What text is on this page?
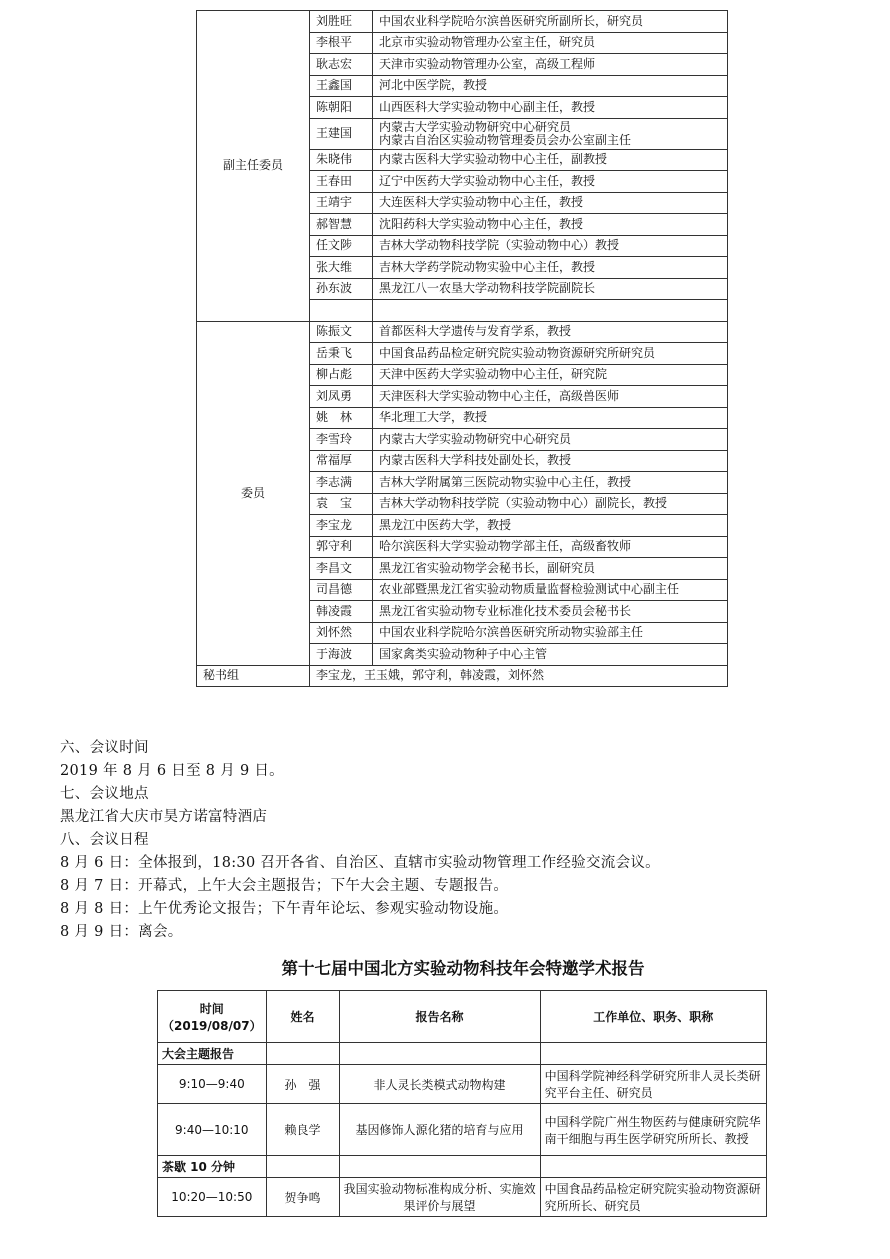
副主任委员	刘胜旺	中国农业科学院哈尔滨兽医研究所副所长，研究员

	李根平	北京市实验动物管理办公室主任，研究员

	耿志宏	天津市实验动物管理办公室，高级工程师

	王鑫国	河北中医学院，教授

	陈朝阳	山西医科大学实验动物中心副主任，教授

	王建国	内蒙古大学实验动物研究中心研究员
内蒙古自治区实验动物管理委员会办公室副主任

	朱晓伟	内蒙古医科大学实验动物中心主任，副教授

	王春田	辽宁中医药大学实验动物中心主任，教授

	王靖宇	大连医科大学实验动物中心主任，教授

	郝智慧	沈阳药科大学实验动物中心主任，教授

	任文陟	吉林大学动物科技学院（实验动物中心）教授

	张大维	吉林大学药学院动物实验中心主任，教授

	孙东波	黑龙江八一农垦大学动物科技学院副院长

委员	陈振文	首都医科大学遗传与发育学系，教授

	岳秉飞	中国食品药品检定研究院实验动物资源研究所研究员

	柳占彪	天津中医药大学实验动物中心主任，研究院

	刘凤勇	天津医科大学实验动物中心主任，高级兽医师

	姚　林	华北理工大学，教授

	李雪玲	内蒙古大学实验动物研究中心研究员

	常福厚	内蒙古医科大学科技处副处长，教授

	李志满	吉林大学附属第三医院动物实验中心主任，教授

	袁　宝	吉林大学动物科技学院（实验动物中心）副院长，教授

	李宝龙	黑龙江中医药大学，教授

	郭守利	哈尔滨医科大学实验动物学部主任，高级畜牧师

	李昌文	黑龙江省实验动物学会秘书长，副研究员

	司昌德	农业部暨黑龙江省实验动物质量监督检验测试中心副主任

	韩凌霞	黑龙江省实验动物专业标准化技术委员会秘书长

	刘怀然	中国农业科学院哈尔滨兽医研究所动物实验部主任

	于海波	国家禽类实验动物种子中心主管

秘书组	李宝龙，王玉娥，郭守利，韩凌霞，刘怀然	
六、会议时间
2019 年 8 月 6 日至 8 月 9 日。
七、会议地点
黑龙江省大庆市昊方诺富特酒店
八、会议日程
8 月 6 日：全体报到，18:30 召开各省、自治区、直辖市实验动物管理工作经验交流会议。
8 月 7 日：开幕式，上午大会主题报告；下午大会主题、专题报告。
8 月 8 日：上午优秀论文报告；下午青年论坛、参观实验动物设施。
8 月 9 日：离会。
第十七届中国北方实验动物科技年会特邀学术报告
时间（2019/08/07）	姓名	报告名称	工作单位、职务、职称
大会主题报告			
9:10—9:40	孙　强	非人灵长类模式动物构建	中国科学院神经科学研究所非人灵长类研究平台主任、研究员
9:40—10:10	赖良学	基因修饰人源化猪的培育与应用	中国科学院广州生物医药与健康研究院华南干细胞与再生医学研究所所长、教授
茶歇 10 分钟			
10:20—10:50	贺争鸣	我国实验动物标准构成分析、实施效果评价与展望	中国食品药品检定研究院实验动物资源研究所所长、研究员
